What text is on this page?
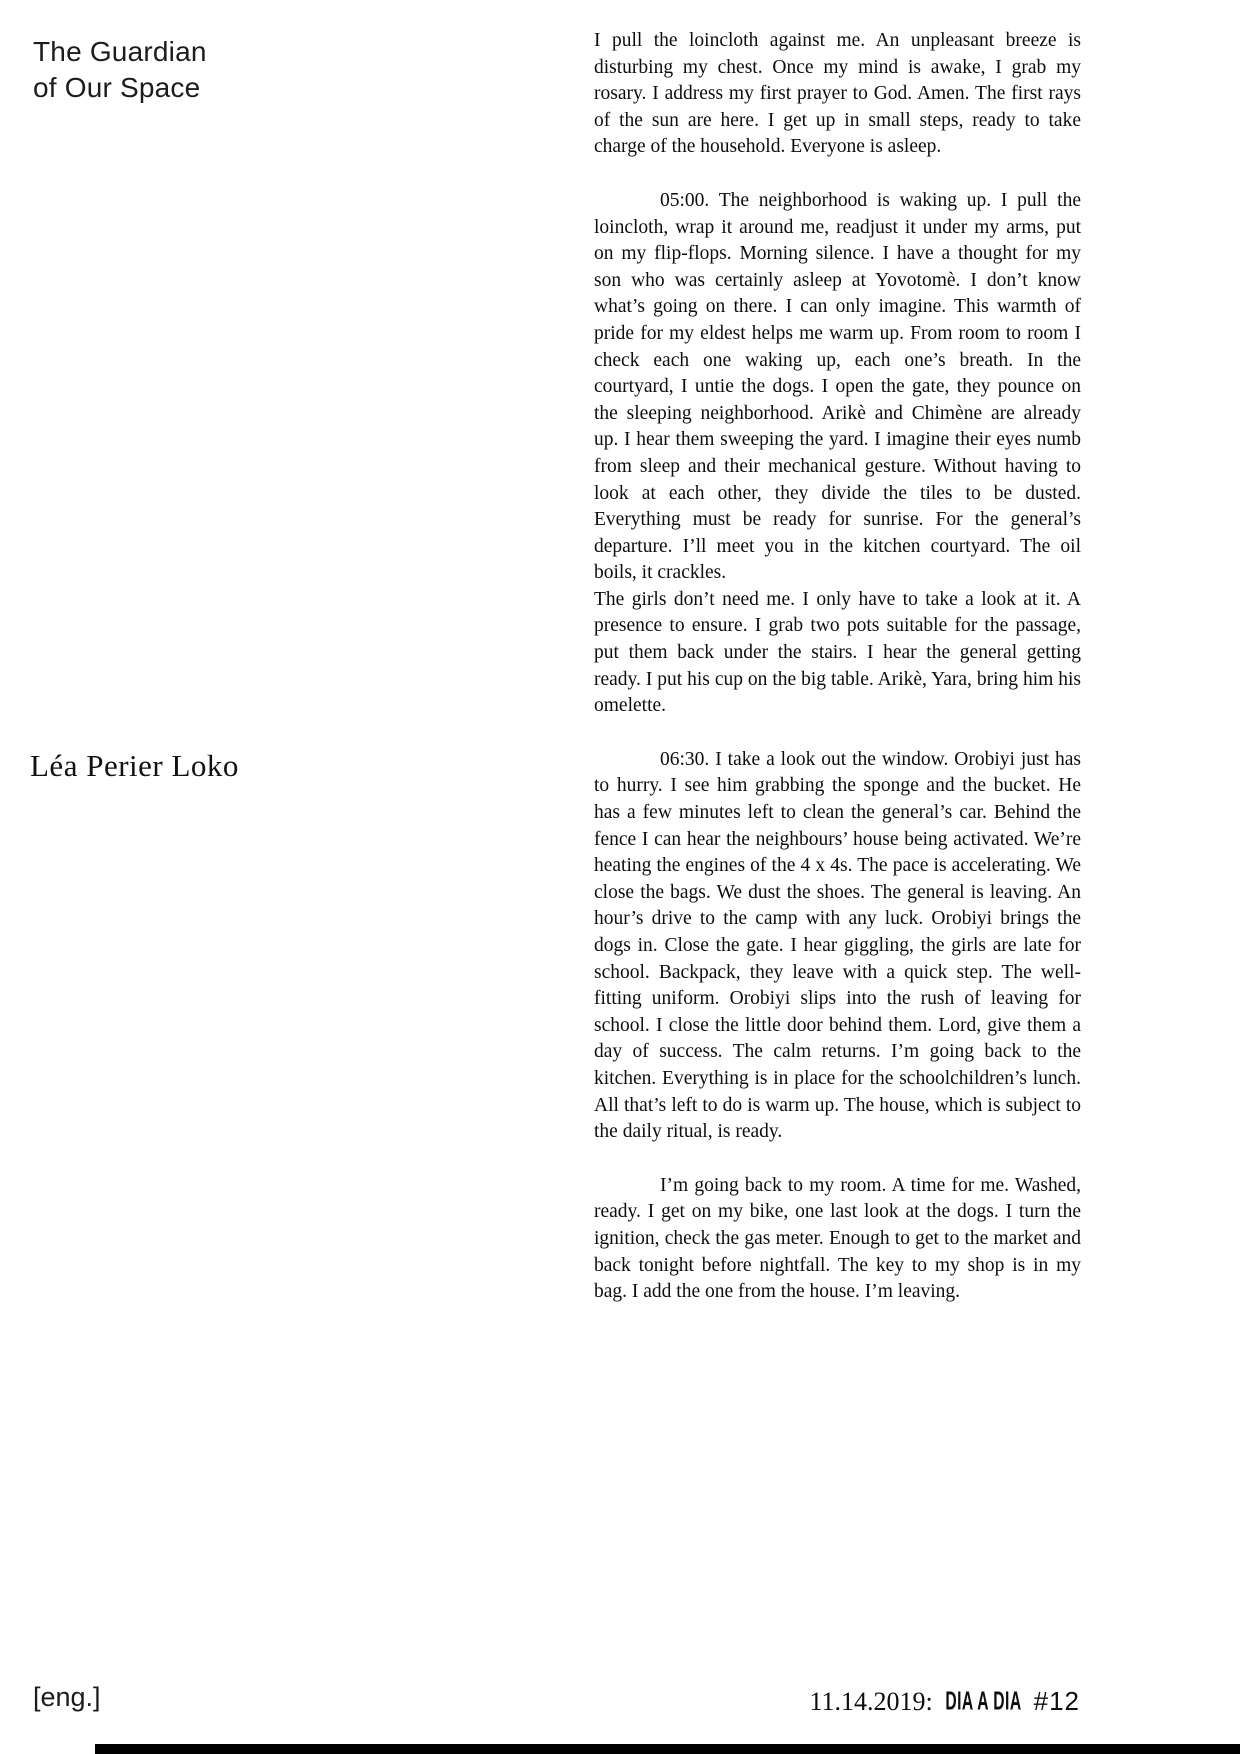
The Guardian
of Our Space
Léa Perier Loko

I pull the loincloth against me. An unpleasant breeze is disturbing my chest. Once my mind is awake, I grab my rosary. I address my first prayer to God. Amen. The first rays of the sun are here. I get up in small steps, ready to take charge of the household. Everyone is asleep.

05:00. The neighborhood is waking up. I pull the loincloth, wrap it around me, readjust it under my arms, put on my flip-flops. Morning silence. I have a thought for my son who was certainly asleep at Yovotomè. I don’t know what’s going on there. I can only imagine. This warmth of pride for my eldest helps me warm up. From room to room I check each one waking up, each one’s breath. In the courtyard, I untie the dogs. I open the gate, they pounce on the sleeping neighborhood. Arikè and Chimène are already up. I hear them sweeping the yard. I imagine their eyes numb from sleep and their mechanical gesture. Without having to look at each other, they divide the tiles to be dusted. Everything must be ready for sunrise. For the general’s departure. I’ll meet you in the kitchen courtyard. The oil boils, it crackles.

The girls don’t need me. I only have to take a look at it. A presence to ensure. I grab two pots suitable for the passage, put them back under the stairs. I hear the general getting ready. I put his cup on the big table. Arikè, Yara, bring him his omelette.

06:30. I take a look out the window. Orobiyi just has to hurry. I see him grabbing the sponge and the bucket. He has a few minutes left to clean the general’s car. Behind the fence I can hear the neighbours’ house being activated. We’re heating the engines of the 4 x 4s. The pace is accelerating. We close the bags. We dust the shoes. The general is leaving. An hour’s drive to the camp with any luck. Orobiyi brings the dogs in. Close the gate. I hear giggling, the girls are late for school. Backpack, they leave with a quick step. The well-fitting uniform. Orobiyi slips into the rush of leaving for school. I close the little door behind them. Lord, give them a day of success. The calm returns. I’m going back to the kitchen. Everything is in place for the schoolchildren’s lunch. All that’s left to do is warm up. The house, which is subject to the daily ritual, is ready.

I’m going back to my room. A time for me. Washed, ready. I get on my bike, one last look at the dogs. I turn the ignition, check the gas meter. Enough to get to the market and back tonight before nightfall. The key to my shop is in my bag. I add the one from the house. I’m leaving.

[eng.]	11.14.2019: DIA A DIA #12
